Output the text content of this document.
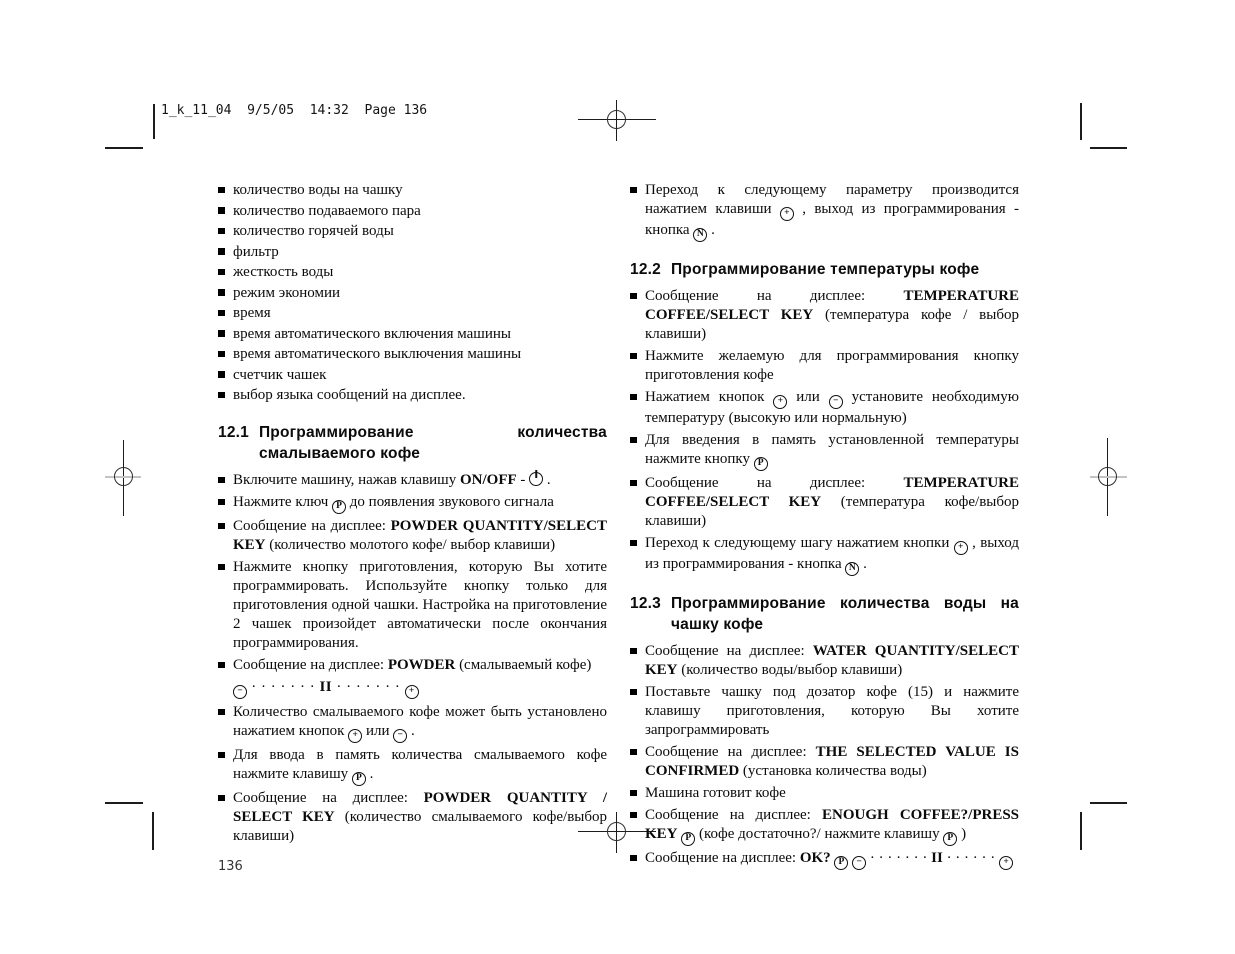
1_k_11_04  9/5/05  14:32  Page 136
количество воды на чашку
количество подаваемого пара
количество горячей воды
фильтр
жесткость воды
режим экономии
время
время автоматического включения машины
время автоматического выключения машины
счетчик чашек
выбор языка сообщений на дисплее.
12.1 Программирование количества смалываемого кофе
Включите машину, нажав клавишу ON/OFF -  .
Нажмите ключ P до появления звукового сигнала
Сообщение на дисплее: POWDER QUANTITY/SELECT KEY (количество молотого кофе/ выбор клавиши)
Нажмите кнопку приготовления, которую Вы хотите программировать. Используйте кнопку только для приготовления одной чашки. Настройка на приготовление 2 чашек произойдет автоматически после окончания программирования.
Сообщение на дисплее: POWDER (смалываемый кофе)
− · · · · · · · II · · · · · · · +
Количество смалываемого кофе может быть установлено нажатием кнопок + или − .
Для ввода в память количества смалываемого кофе нажмите клавишу P .
Сообщение на дисплее: POWDER QUANTITY / SELECT KEY (количество смалываемого кофе/выбор клавиши)
136
Переход к следующему параметру производится нажатием клавиши + , выход из программирования - кнопка N .
12.2 Программирование температуры кофе
Сообщение на дисплее: TEMPERATURE COFFEE/SELECT KEY (температура кофе / выбор клавиши)
Нажмите желаемую для программирования кнопку приготовления кофе
Нажатием кнопок + или − установите необходимую температуру (высокую или нормальную)
Для введения в память установленной температуры нажмите кнопку P
Сообщение на дисплее: TEMPERATURE COFFEE/SELECT KEY (температура кофе/выбор клавиши)
Переход к следующему шагу нажатием кнопки + , выход из программирования - кнопка N .
12.3 Программирование количества воды на чашку кофе
Сообщение на дисплее: WATER QUANTITY/SELECT KEY (количество воды/выбор клавиши)
Поставьте чашку под дозатор кофе (15) и нажмите клавишу приготовления, которую Вы хотите запрограммировать
Сообщение на дисплее: THE SELECTED VALUE IS CONFIRMED (установка количества воды)
Машина готовит кофе
Сообщение на дисплее: ENOUGH COFFEE?/PRESS KEY P (кофе достаточно?/ нажмите клавишу P )
Сообщение на дисплее: OK? P − · · · · · · · II · · · · · · +
